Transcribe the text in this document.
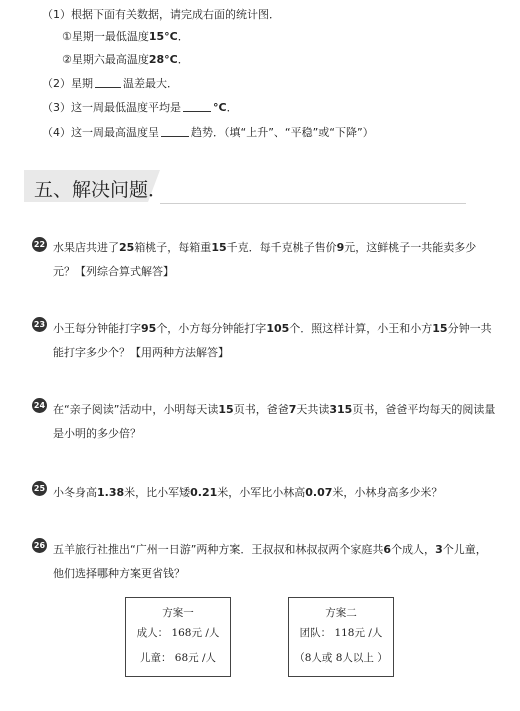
（1）根据下面有关数据，请完成右面的统计图．
①星期一最低温度15°C．
②星期六最高温度28°C．
（2）星期	温差最大．
（3）这一周最低温度平均是	°C．
（4）这一周最高温度呈	趋势．（填“上升”、“平稳”或“下降”）
五、解决问题．
22 水果店共进了25箱桃子，每箱重15千克．每千克桃子售价9元，这鲜桃子一共能卖多少
元？【列综合算式解答】
23 小王每分钟能打字95个，小方每分钟能打字105个．照这样计算，小王和小方15分钟一共
能打字多少个？【用两种方法解答】
24 在“亲子阅读”活动中，小明每天读15页书，爸爸7天共读315页书，爸爸平均每天的阅读量
是小明的多少倍？
25 小冬身高1.38米，比小军矮0.21米，小军比小林高0.07米，小林身高多少米？
26 五羊旅行社推出“广州一日游”两种方案．王叔叔和林叔叔两个家庭共6个成人，3个儿童，
他们选择哪种方案更省钱？
方案一
成人： 168元 /人
儿童： 68元 /人
方案二
团队： 118元 /人
（8人或 8人以上 ）
